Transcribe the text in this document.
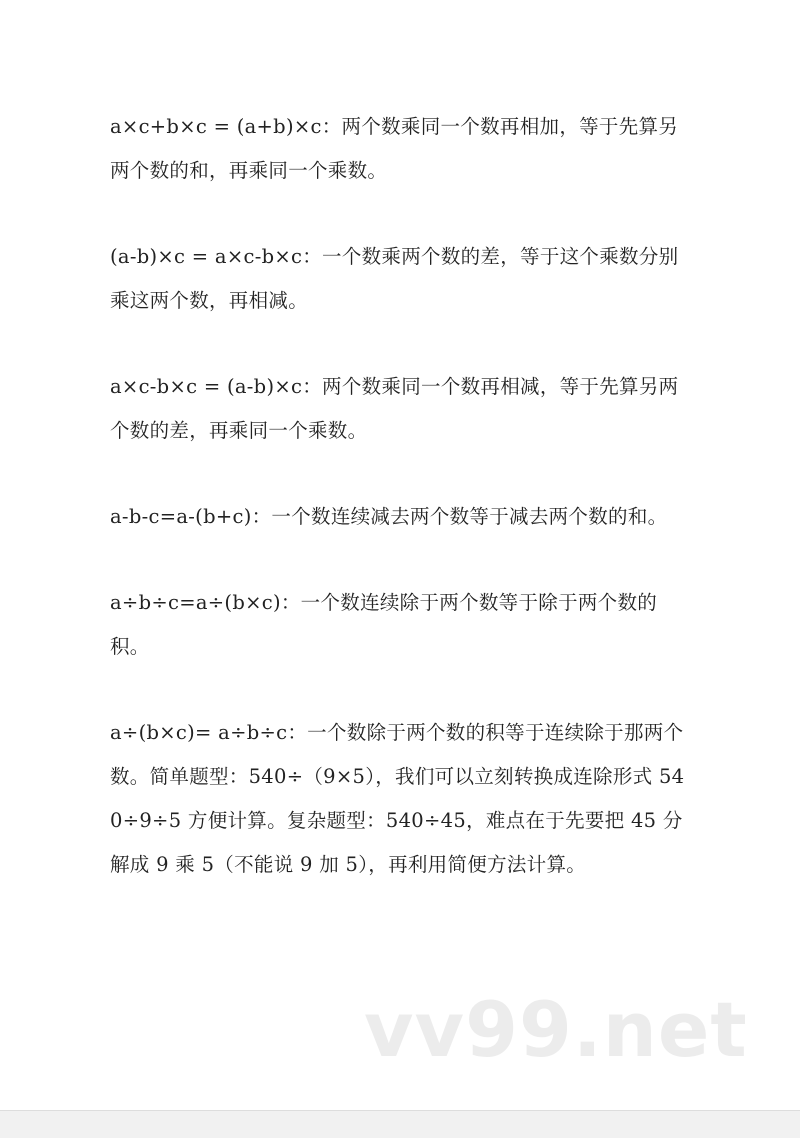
a×c+b×c = (a+b)×c：两个数乘同一个数再相加，等于先算另两个数的和，再乘同一个乘数。

(a-b)×c = a×c-b×c：一个数乘两个数的差，等于这个乘数分别乘这两个数，再相减。

a×c-b×c = (a-b)×c：两个数乘同一个数再相减，等于先算另两个数的差，再乘同一个乘数。

a-b-c=a-(b+c)：一个数连续减去两个数等于减去两个数的和。

a÷b÷c=a÷(b×c)：一个数连续除于两个数等于除于两个数的积。

a÷(b×c)= a÷b÷c：一个数除于两个数的积等于连续除于那两个数。简单题型：540÷（9×5），我们可以立刻转换成连除形式 540÷9÷5 方便计算。复杂题型：540÷45，难点在于先要把 45 分解成 9 乘 5（不能说 9 加 5），再利用简便方法计算。

vv99.net
